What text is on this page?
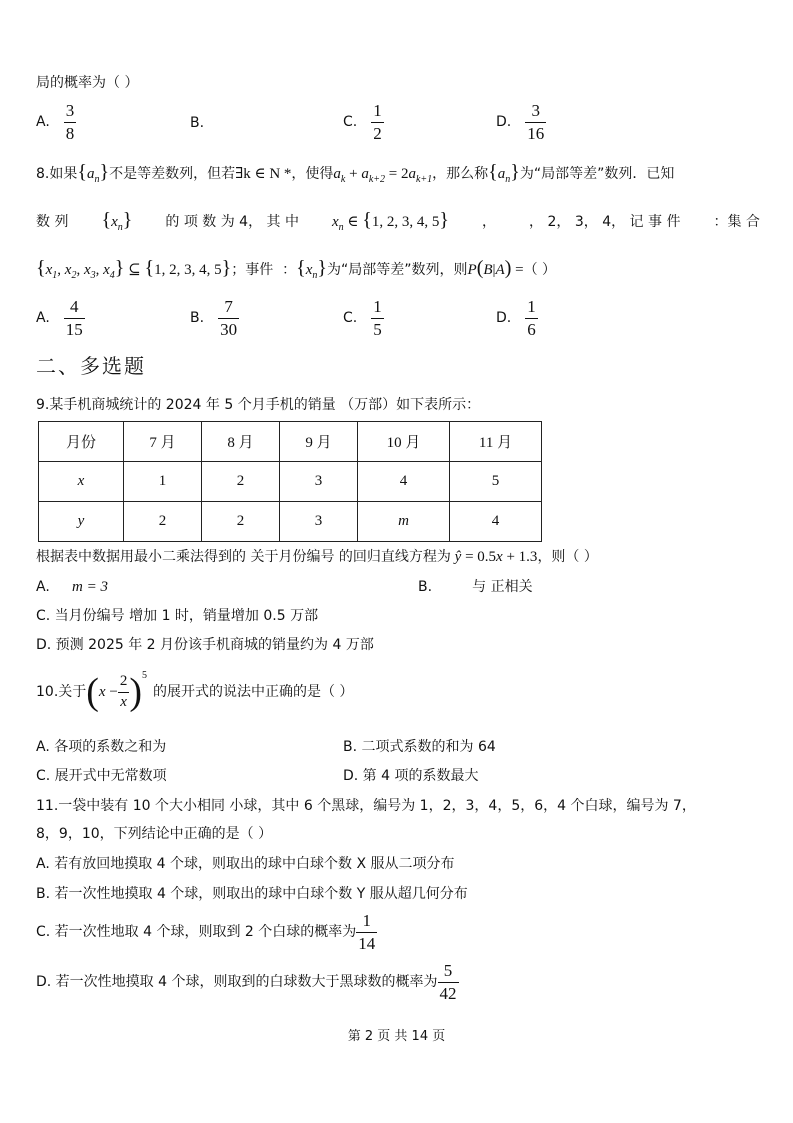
局的概率为（ ）
A. $\frac{3}{8}$	B.	C. $\frac{1}{2}$	D. $\frac{3}{16}$
8.如果$\{a_n\}$不是等差数列，但若∃k ∈ N *，使得$a_k + a_{k+2} = 2a_{k+1}$，那么称$\{a_n\}$为“局部等差”数列．已知
数 列 $\{x_n\}$ 的 项 数 为 4， 其 中 $x_n$ ∈ {1, 2, 3, 4, 5} ， ， 2， 3， 4， 记 事 件 ：集 合
{$x_1$, $x_2$, $x_3$, $x_4$} ⊆ {1, 2, 3, 4, 5}；事件 ：$\{x_n\}$为“局部等差”数列，则P(B|A) =（ ）
A. $\frac{4}{15}$	B. $\frac{7}{30}$	C. $\frac{1}{5}$	D. $\frac{1}{6}$
二、多选题
9.某手机商城统计的 2024 年 5 个月手机的销量 （万部）如下表所示：
月份	7 月	8 月	9 月	10 月	11 月
x	1	2	3	4	5
y	2	2	3	m	4
根据表中数据用最小二乘法得到的 关于月份编号 的回归直线方程为 ŷ = 0.5x + 1.3，则（ ）
A. m = 3	B.	与 正相关
C. 当月份编号 增加 1 时，销量增加 0.5 万部
D. 预测 2025 年 2 月份该手机商城的销量约为 4 万部
10.关于 ( $x - \frac{2}{x}$ ) 5
的展开式的说法中正确的是（ ）
A. 各项的系数之和为	B. 二项式系数的和为 64
C. 展开式中无常数项	D. 第 4 项的系数最大
11.一袋中装有 10 个大小相同 小球，其中 6 个黑球，编号为 1，2，3，4，5，6，4 个白球，编号为 7，
8，9，10，下列结论中正确的是（ ）
A. 若有放回地摸取 4 个球，则取出的球中白球个数 X 服从二项分布
B. 若一次性地摸取 4 个球，则取出的球中白球个数 Y 服从超几何分布
C. 若一次性地取 4 个球，则取到 2 个白球的概率为 $\frac{1}{14}$
D. 若一次性地摸取 4 个球，则取到的白球数大于黑球数的概率为 $\frac{5}{42}$
第 2 页 共 14 页
